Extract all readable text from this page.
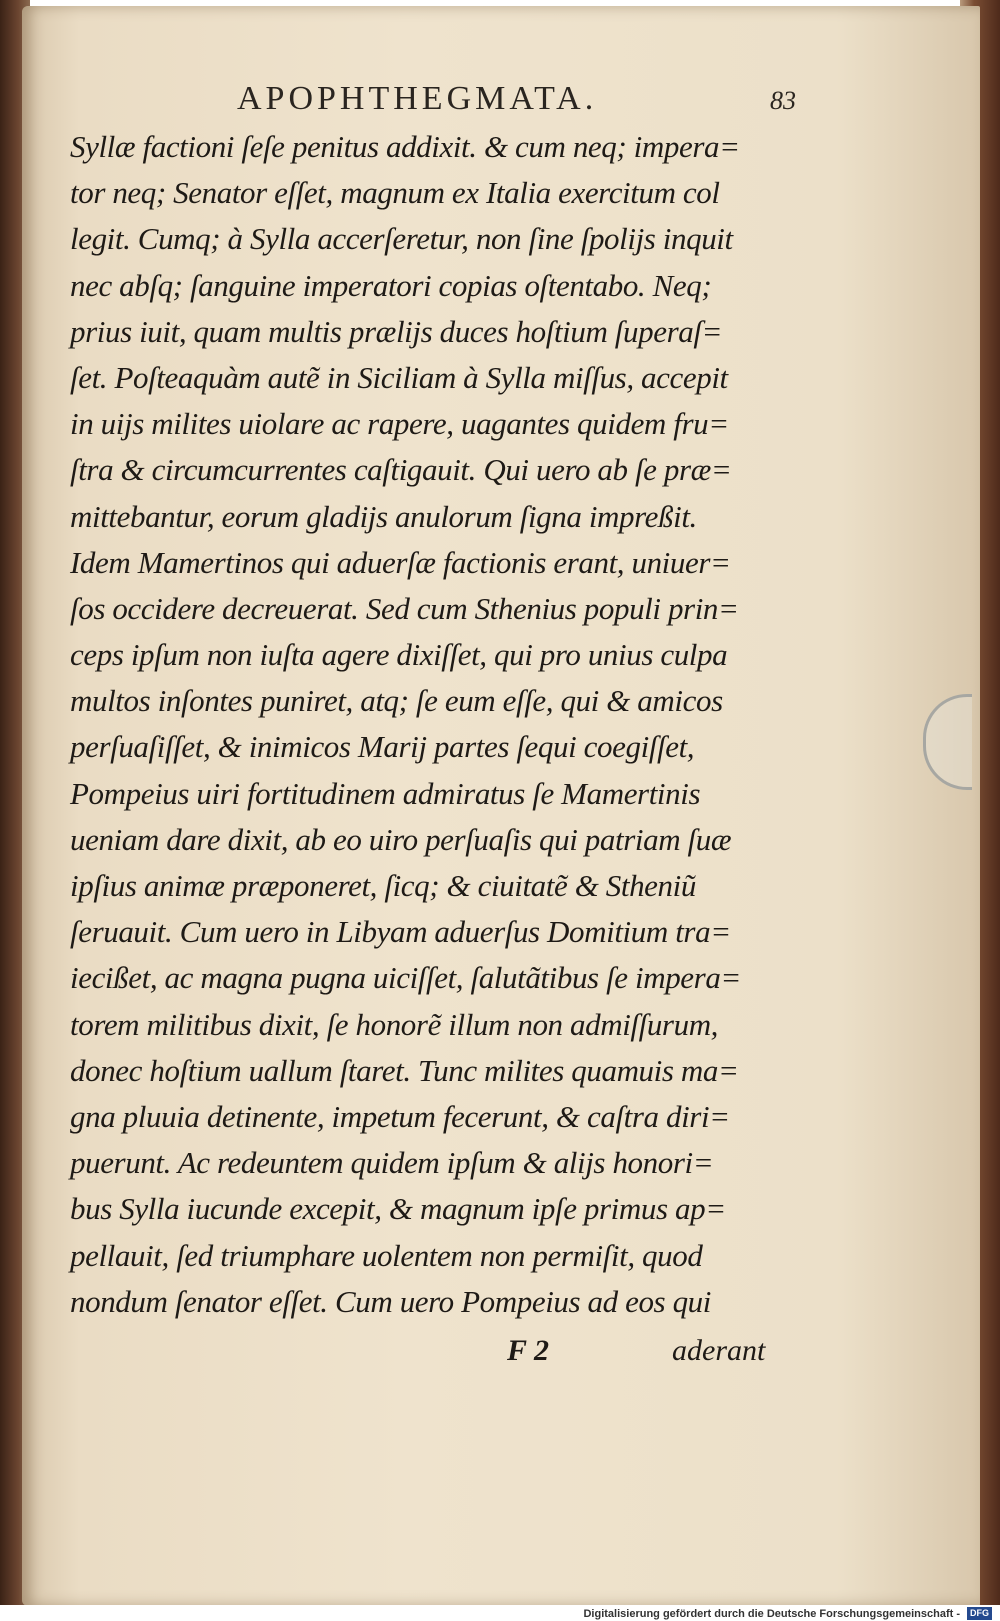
APOPHTHEGMATA.	83
Syllæ factioni ſeſe penitus addixit. & cum neq; impera=
tor neq; Senator eſſet, magnum ex Italia exercitum col
legit. Cumq; à Sylla accerſeretur, non ſine ſpolijs inquit
nec abſq; ſanguine imperatori copias oſtentabo. Neq;
prius iuit, quam multis prælijs duces hoſtium ſuperaſ=
ſet. Poſteaquàm autẽ in Siciliam à Sylla miſſus, accepit
in uijs milites uiolare ac rapere, uagantes quidem fru=
ſtra & circumcurrentes caſtigauit. Qui uero ab ſe præ=
mittebantur, eorum gladijs anulorum ſigna impreßit.
Idem Mamertinos qui aduerſæ factionis erant, uniuer=
ſos occidere decreuerat. Sed cum Sthenius populi prin=
ceps ipſum non iuſta agere dixiſſet, qui pro unius culpa
multos inſontes puniret, atq; ſe eum eſſe, qui & amicos
perſuaſiſſet, & inimicos Marij partes ſequi coegiſſet,
Pompeius uiri fortitudinem admiratus ſe Mamertinis
ueniam dare dixit, ab eo uiro perſuaſis qui patriam ſuæ
ipſius animæ præponeret, ſicq; & ciuitatẽ & Stheniũ
ſeruauit. Cum uero in Libyam aduerſus Domitium tra=
iecißet, ac magna pugna uiciſſet, ſalutãtibus ſe impera=
torem militibus dixit, ſe honorẽ illum non admiſſurum,
donec hoſtium uallum ſtaret. Tunc milites quamuis ma=
gna pluuia detinente, impetum fecerunt, & caſtra diri=
puerunt. Ac redeuntem quidem ipſum & alijs honori=
bus Sylla iucunde excepit, & magnum ipſe primus ap=
pellauit, ſed triumphare uolentem non permiſit, quod
nondum ſenator eſſet. Cum uero Pompeius ad eos qui
F 2	aderant
Digitalisierung gefördert durch die Deutsche Forschungsgemeinschaft -	DFG
